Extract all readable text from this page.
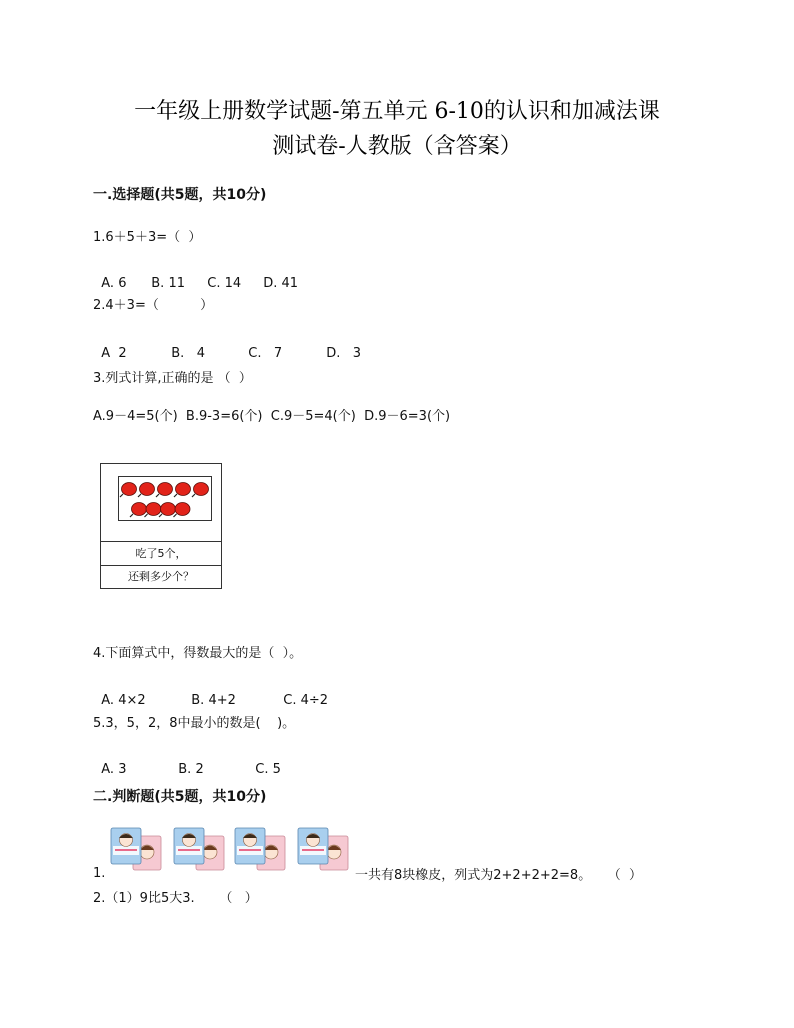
一年级上册数学试题-第五单元 6-10的认识和加减法课
测试卷-人教版（含答案）
一.选择题(共5题，共10分)
1.6＋5＋3=（  ）

A. 6 B. 11 C. 14 D. 41

2.4＋3=（          ）

A  2	B.   4	C.   7	D.   3

3.列式计算,正确的是 （  ）
A.9－4=5(个)  B.9-3=6(个)  C.9－5=4(个)  D.9－6=3(个)
吃了5个，
还剩多少个？
4.下面算式中，得数最大的是（  ）。

A. 4×2	B. 4+2	C. 4÷2

5.3，5，2，8中最小的数是(    )。

A. 3	B. 2	C. 5

二.判断题(共5题，共10分)
1.	一共有8块橡皮，列式为2+2+2+2=8。    （  ）
2.（1）9比5大3.      （   ）
